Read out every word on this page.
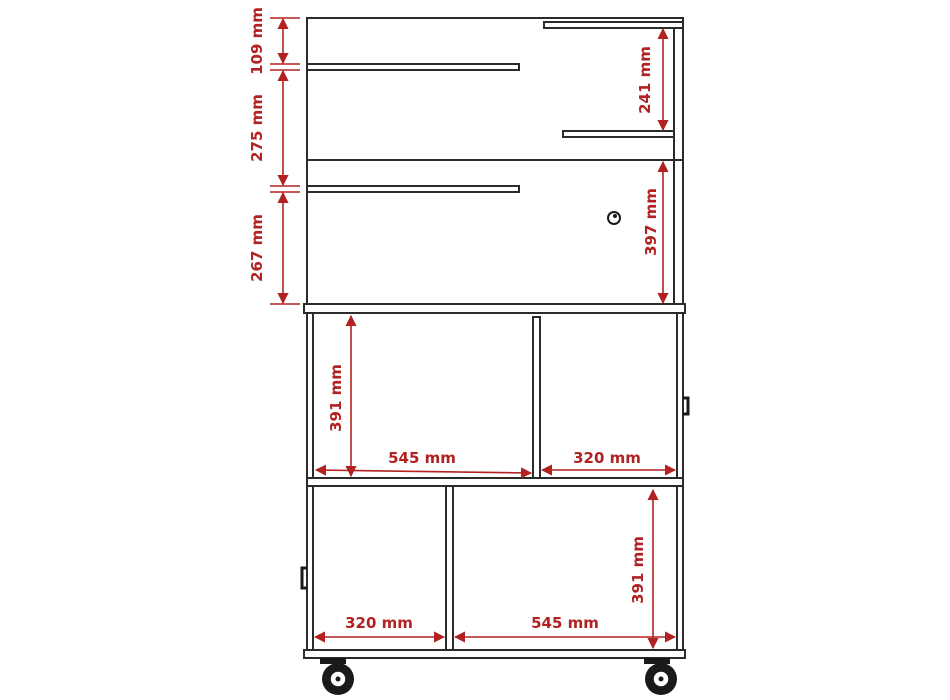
109 mm
275 mm
267 mm
241 mm
397 mm
391 mm
545 mm	320 mm
391 mm
320 mm	545 mm
